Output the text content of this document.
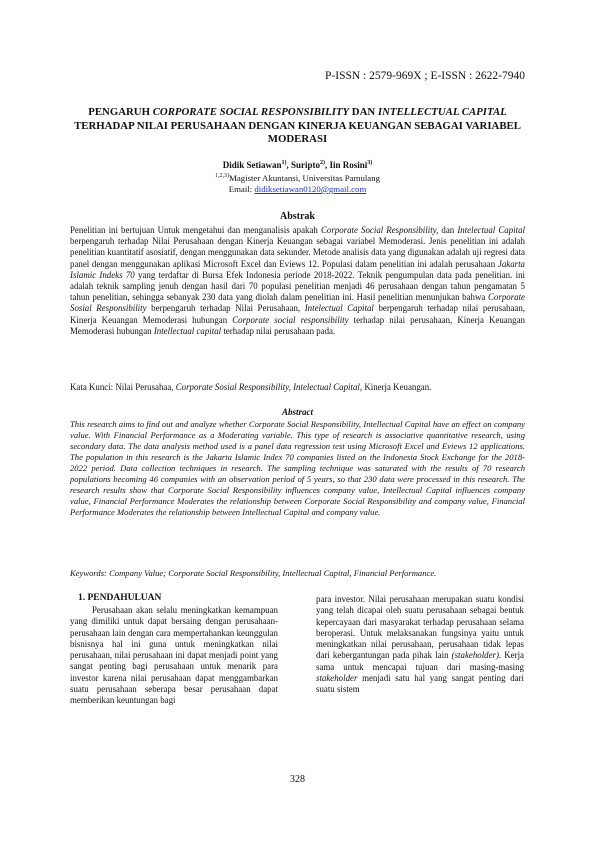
P-ISSN : 2579-969X ; E-ISSN : 2622-7940
PENGARUH CORPORATE SOCIAL RESPONSIBILITY DAN INTELLECTUAL CAPITAL TERHADAP NILAI PERUSAHAAN DENGAN KINERJA KEUANGAN SEBAGAI VARIABEL MODERASI
Didik Setiawan$^{1)}$, Suripto$^{2)}$, Iin Rosini$^{3)}$
$^{1,2,3)}$Magister Akuntansi, Universitas Pamulang
Email: didiksetiawan0120@gmail.com
Abstrak
Penelitian ini bertujuan Untuk mengetahui dan menganalisis apakah Corporate Social Responsibility, dan Intelectual Capital berpengaruh terhadap Nilai Perusahaan dengan Kinerja Keuangan sebagai variabel Memoderasi. Jenis penelitian ini adalah penelitian kuantitatif asosiatif, dengan menggunakan data sekunder. Metode analisis data yang digunakan adalah uji regresi data panel dengan menggunakan aplikasi Microsoft Excel dan Eviews 12. Populasi dalam penelitian ini adalah perusahaan Jakarta Islamic Indeks 70 yang terdaftar di Bursa Efek Indonesia periode 2018-2022. Teknik pengumpulan data pada penelitian. ini adalah teknik sampling jenuh dengan hasil dari 70 populasi penelitian menjadi 46 perusahaan dengan tahun pengamatan 5 tahun penelitian, sehingga sebanyak 230 data yang diolah dalam penelitian ini. Hasil penelitian menunjukan bahwa Corporate Sosial Responsibility berpengaruh terhadap Nilai Perusahaan, Intelectual Capital berpengaruh terhadap nilai perusahaan, Kinerja Keuangan Memoderasi hubungan Corporate social responsibility terhadap nilai perusahaan, Kinerja Keuangan Memoderasi hubungan Intellectual capital terhadap nilai perusahaan pada.
Kata Kunci: Nilai Perusahaa, Corporate Sosial Responsibility, Intelectual Capital, Kinerja Keuangan.
Abstract
This research aims to find out and analyze whether Corporate Social Responsibility, Intellectual Capital have an effect on company value. With Financial Performance as a Moderating variable. This type of research is associative quantitative research, using secondary data. The data analysis method used is a panel data regression test using Microsoft Excel and Eviews 12 applications. The population in this research is the Jakarta Islamic Index 70 companies listed on the Indonesia Stock Exchange for the 2018-2022 period. Data collection techniques in research. The sampling technique was saturated with the results of 70 research populations becoming 46 companies with an observation period of 5 years, so that 230 data were processed in this research. The research results show that Corporate Social Responsibility influences company value, Intellectual Capital influences company value, Financial Performance Moderates the relationship between Corporate Social Responsibility and company value, Financial Performance Moderates the relationship between Intellectual Capital and company value.
Keywords: Company Value; Corporate Social Responsibility, Intellectual Capital, Financial Performance.
1. PENDAHULUAN
Perusahaan akan selalu meningkatkan kemampuan yang dimiliki untuk dapat bersaing dengan perusahaan-perusahaan lain dengan cara mempertahankan keunggulan bisnisnya hal ini guna untuk meningkatkan nilai perusahaan, nilai perusahaan ini dapat menjadi point yang sangat penting bagi perusahaan untuk menarik para investor karena nilai perusahaan dapat menggambarkan suatu perusahaan seberapa besar perusahaan dapat memberikan keuntungan bagi
para investor. Nilai perusahaan merupakan suatu kondisi yang telah dicapai oleh suatu perusahaan sebagai bentuk kepercayaan dari masyarakat terhadap perusahaan selama beroperasi. Untuk melaksanakan fungsinya yaitu untuk meningkatkan nilai perusahaan, perusahaan tidak lepas dari kebergantungan pada pihak lain (stakeholder). Kerja sama untuk mencapai tujuan dari masing-masing stakeholder menjadi satu hal yang sangat penting dari suatu sistem
328
